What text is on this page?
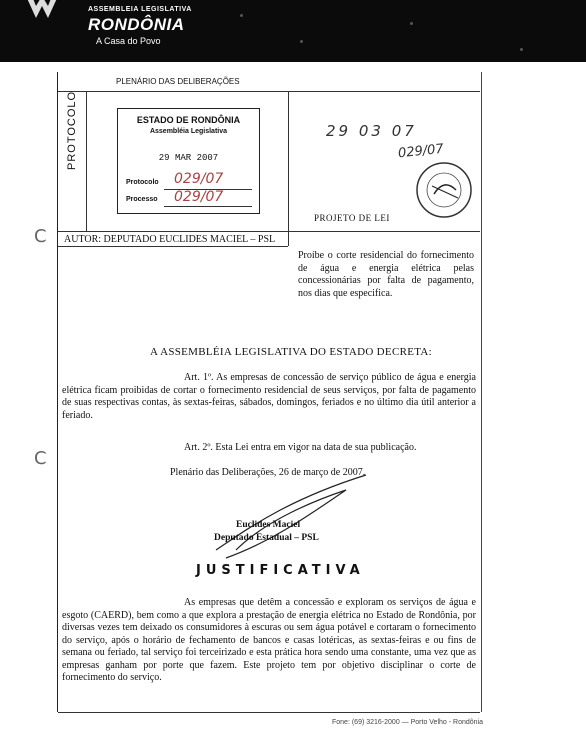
ASSEMBLEIA LEGISLATIVA
RONDÔNIA
A Casa do Povo
PLENÁRIO DAS DELIBERAÇÕES
PROTOCOLO	ESTADO DE RONDÔNIA
Assembléia Legislativa
29 MAR 2007
Protocolo 029/07
Processo 029/07
29 03 07
029/07
PROJETO DE LEI
AUTOR: DEPUTADO EUCLIDES MACIEL – PSL
Proíbe o corte residencial do fornecimento de água e energia elétrica pelas concessionárias por falta de pagamento, nos dias que especifica.
A ASSEMBLÉIA LEGISLATIVA DO ESTADO DECRETA:
Art. 1º. As empresas de concessão de serviço público de água e energia elétrica ficam proibidas de cortar o fornecimento residencial de seus serviços, por falta de pagamento de suas respectivas contas, às sextas-feiras, sábados, domingos, feriados e no último dia útil anterior a feriado.
Art. 2º. Esta Lei entra em vigor na data de sua publicação.
Plenário das Deliberações, 26 de março de 2007.
Euclides Maciel
Deputado Estadual – PSL
JUSTIFICATIVA
As empresas que detêm a concessão e exploram os serviços de água e esgoto (CAERD), bem como a que explora a prestação de energia elétrica no Estado de Rondônia, por diversas vezes tem deixado os consumidores à escuras ou sem água potável e cortaram o fornecimento do serviço, após o horário de fechamento de bancos e casas lotéricas, as sextas-feiras e ou fins de semana ou feriado, tal serviço foi terceirizado e esta prática hora sendo uma constante, uma vez que as empresas ganham por porte que fazem. Este projeto tem por objetivo disciplinar o corte de fornecimento do serviço.
Fone: (69) 3216-2000 — Porto Velho - Rondônia
C
C
